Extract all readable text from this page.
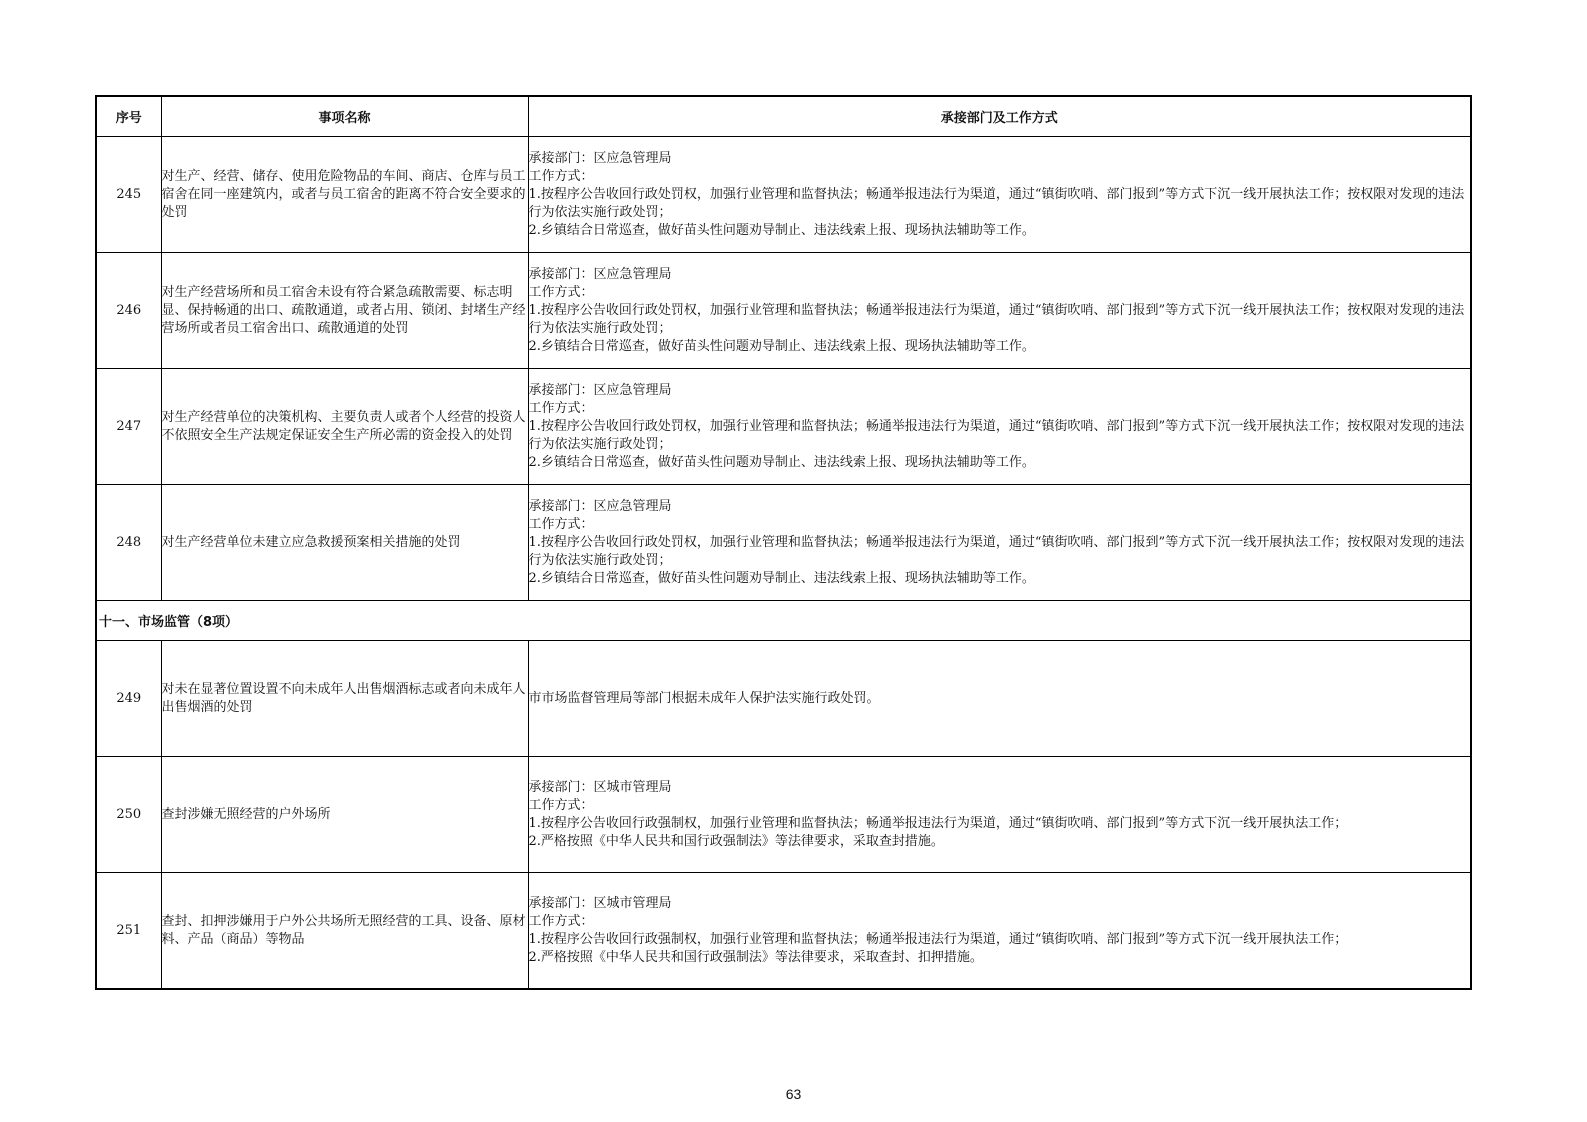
序号	事项名称	承接部门及工作方式
245	对生产、经营、储存、使用危险物品的车间、商店、仓库与员工宿舍在同一座建筑内，或者与员工宿舍的距离不符合安全要求的处罚	承接部门：区应急管理局
工作方式：
1.按程序公告收回行政处罚权，加强行业管理和监督执法；畅通举报违法行为渠道，通过“镇街吹哨、部门报到”等方式下沉一线开展执法工作；按权限对发现的违法行为依法实施行政处罚；
2.乡镇结合日常巡查，做好苗头性问题劝导制止、违法线索上报、现场执法辅助等工作。

246	对生产经营场所和员工宿舍未设有符合紧急疏散需要、标志明显、保持畅通的出口、疏散通道，或者占用、锁闭、封堵生产经营场所或者员工宿舍出口、疏散通道的处罚	承接部门：区应急管理局
工作方式：
1.按程序公告收回行政处罚权，加强行业管理和监督执法；畅通举报违法行为渠道，通过“镇街吹哨、部门报到”等方式下沉一线开展执法工作；按权限对发现的违法行为依法实施行政处罚；
2.乡镇结合日常巡查，做好苗头性问题劝导制止、违法线索上报、现场执法辅助等工作。

247	对生产经营单位的决策机构、主要负责人或者个人经营的投资人不依照安全生产法规定保证安全生产所必需的资金投入的处罚	承接部门：区应急管理局
工作方式：
1.按程序公告收回行政处罚权，加强行业管理和监督执法；畅通举报违法行为渠道，通过“镇街吹哨、部门报到”等方式下沉一线开展执法工作；按权限对发现的违法行为依法实施行政处罚；
2.乡镇结合日常巡查，做好苗头性问题劝导制止、违法线索上报、现场执法辅助等工作。

248	对生产经营单位未建立应急救援预案相关措施的处罚	承接部门：区应急管理局
工作方式：
1.按程序公告收回行政处罚权，加强行业管理和监督执法；畅通举报违法行为渠道，通过“镇街吹哨、部门报到”等方式下沉一线开展执法工作；按权限对发现的违法行为依法实施行政处罚；
2.乡镇结合日常巡查，做好苗头性问题劝导制止、违法线索上报、现场执法辅助等工作。

十一、市场监管（8项）		
249	对未在显著位置设置不向未成年人出售烟酒标志或者向未成年人出售烟酒的处罚	市市场监督管理局等部门根据未成年人保护法实施行政处罚。

250	查封涉嫌无照经营的户外场所	承接部门：区城市管理局
工作方式：
1.按程序公告收回行政强制权，加强行业管理和监督执法；畅通举报违法行为渠道，通过“镇街吹哨、部门报到”等方式下沉一线开展执法工作；
2.严格按照《中华人民共和国行政强制法》等法律要求，采取查封措施。

251	查封、扣押涉嫌用于户外公共场所无照经营的工具、设备、原材料、产品（商品）等物品	承接部门：区城市管理局
工作方式：
1.按程序公告收回行政强制权，加强行业管理和监督执法；畅通举报违法行为渠道，通过“镇街吹哨、部门报到”等方式下沉一线开展执法工作；
2.严格按照《中华人民共和国行政强制法》等法律要求，采取查封、扣押措施。
63
